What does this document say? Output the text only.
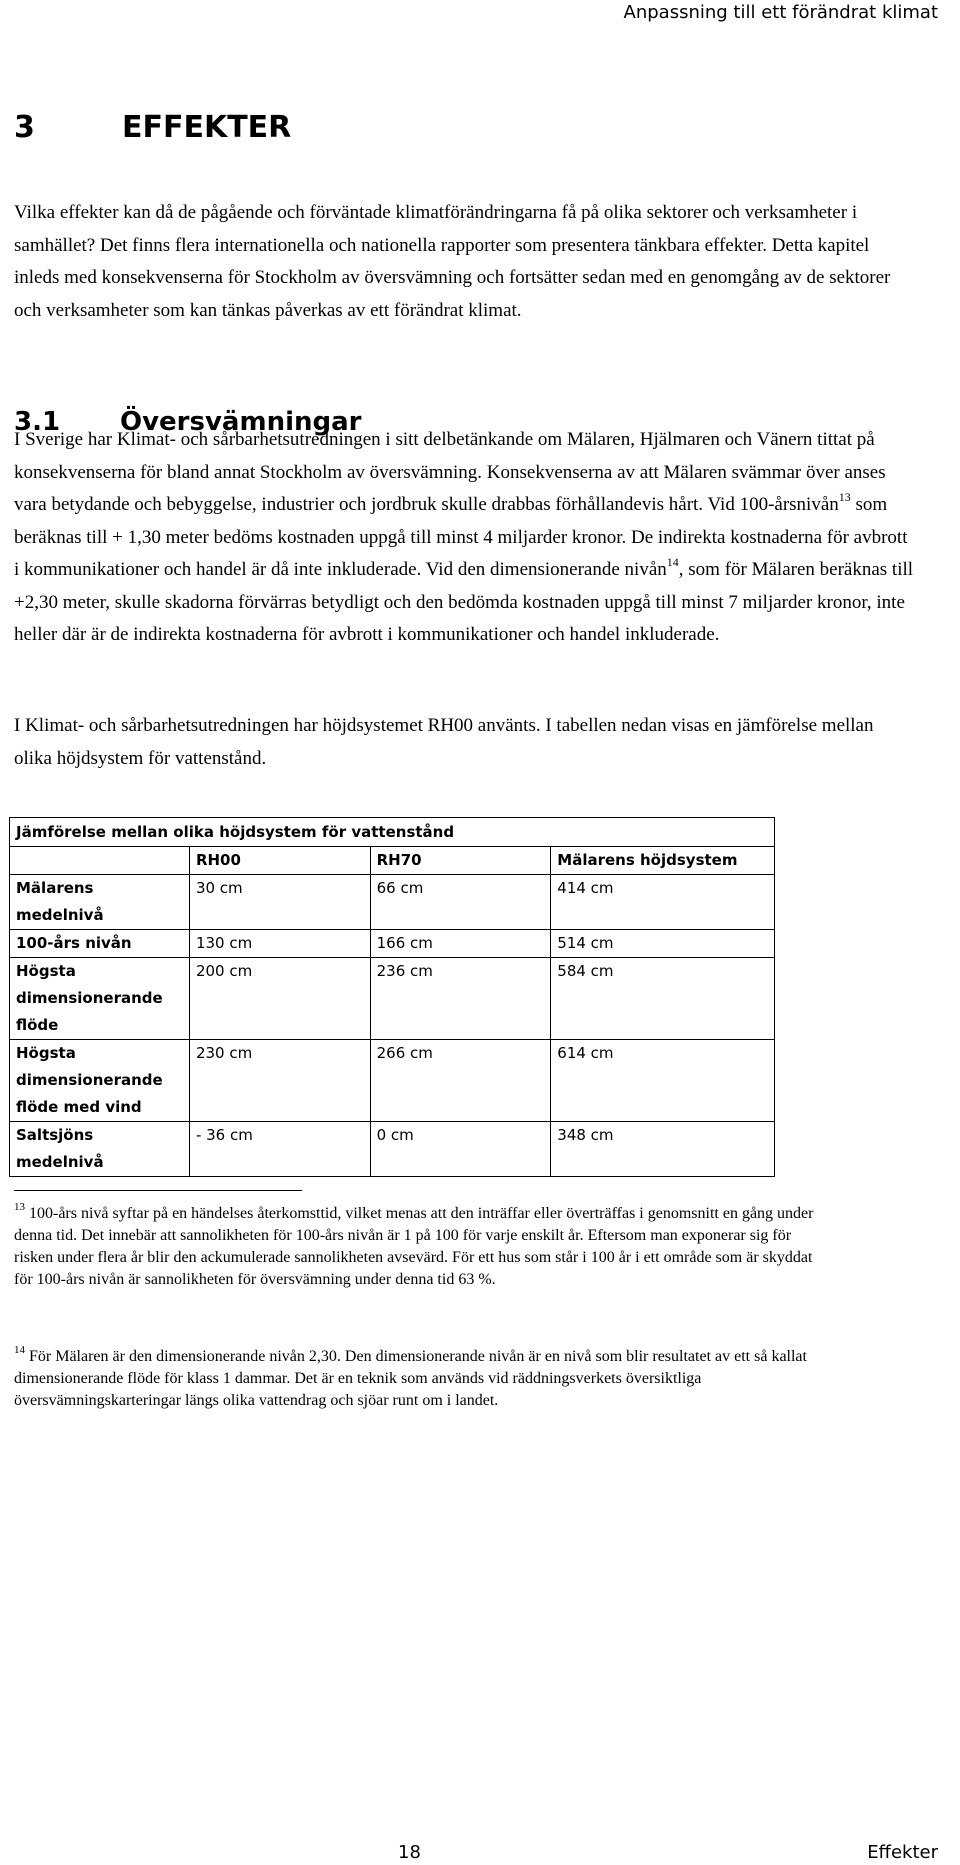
Anpassning till ett förändrat klimat
3	EFFEKTER
Vilka effekter kan då de pågående och förväntade klimatförändringarna få på olika sektorer och verksamheter i samhället? Det finns flera internationella och nationella rapporter som presentera tänkbara effekter. Detta kapitel inleds med konsekvenserna för Stockholm av översvämning och fortsätter sedan med en genomgång av de sektorer och verksamheter som kan tänkas påverkas av ett förändrat klimat.
3.1 Översvämningar
I Sverige har Klimat- och sårbarhetsutredningen i sitt delbetänkande om Mälaren, Hjälmaren och Vänern tittat på konsekvenserna för bland annat Stockholm av översvämning. Konsekvenserna av att Mälaren svämmar över anses vara betydande och bebyggelse, industrier och jordbruk skulle drabbas förhållandevis hårt. Vid 100-årsnivån$^{13}$ som beräknas till + 1,30 meter bedöms kostnaden uppgå till minst 4 miljarder kronor. De indirekta kostnaderna för avbrott i kommunikationer och handel är då inte inkluderade. Vid den dimensionerande nivån$^{14}$, som för Mälaren beräknas till +2,30 meter, skulle skadorna förvärras betydligt och den bedömda kostnaden uppgå till minst 7 miljarder kronor, inte heller där är de indirekta kostnaderna för avbrott i kommunikationer och handel inkluderade.
I Klimat- och sårbarhetsutredningen har höjdsystemet RH00 använts. I tabellen nedan visas en jämförelse mellan olika höjdsystem för vattenstånd.
Jämförelse mellan olika höjdsystem för vattenstånd			
	RH00	RH70	Mälarens höjdsystem
Mälarens medelnivå	30 cm	66 cm	414 cm
100-års nivån	130 cm	166 cm	514 cm
Högsta dimensionerande flöde	200 cm	236 cm	584 cm
Högsta dimensionerande flöde med vind	230 cm	266 cm	614 cm
Saltsjöns medelnivå	- 36 cm	0 cm	348 cm
$^{13}$ 100-års nivå syftar på en händelses återkomsttid, vilket menas att den inträffar eller överträffas i genomsnitt en gång under denna tid. Det innebär att sannolikheten för 100-års nivån är 1 på 100 för varje enskilt år. Eftersom man exponerar sig för risken under flera år blir den ackumulerade sannolikheten avsevärd. För ett hus som står i 100 år i ett område som är skyddat för 100-års nivån är sannolikheten för översvämning under denna tid 63 %.
$^{14}$ För Mälaren är den dimensionerande nivån 2,30. Den dimensionerande nivån är en nivå som blir resultatet av ett så kallat dimensionerande flöde för klass 1 dammar. Det är en teknik som används vid räddningsverkets översiktliga översvämningskarteringar längs olika vattendrag och sjöar runt om i landet.
18	Effekter
